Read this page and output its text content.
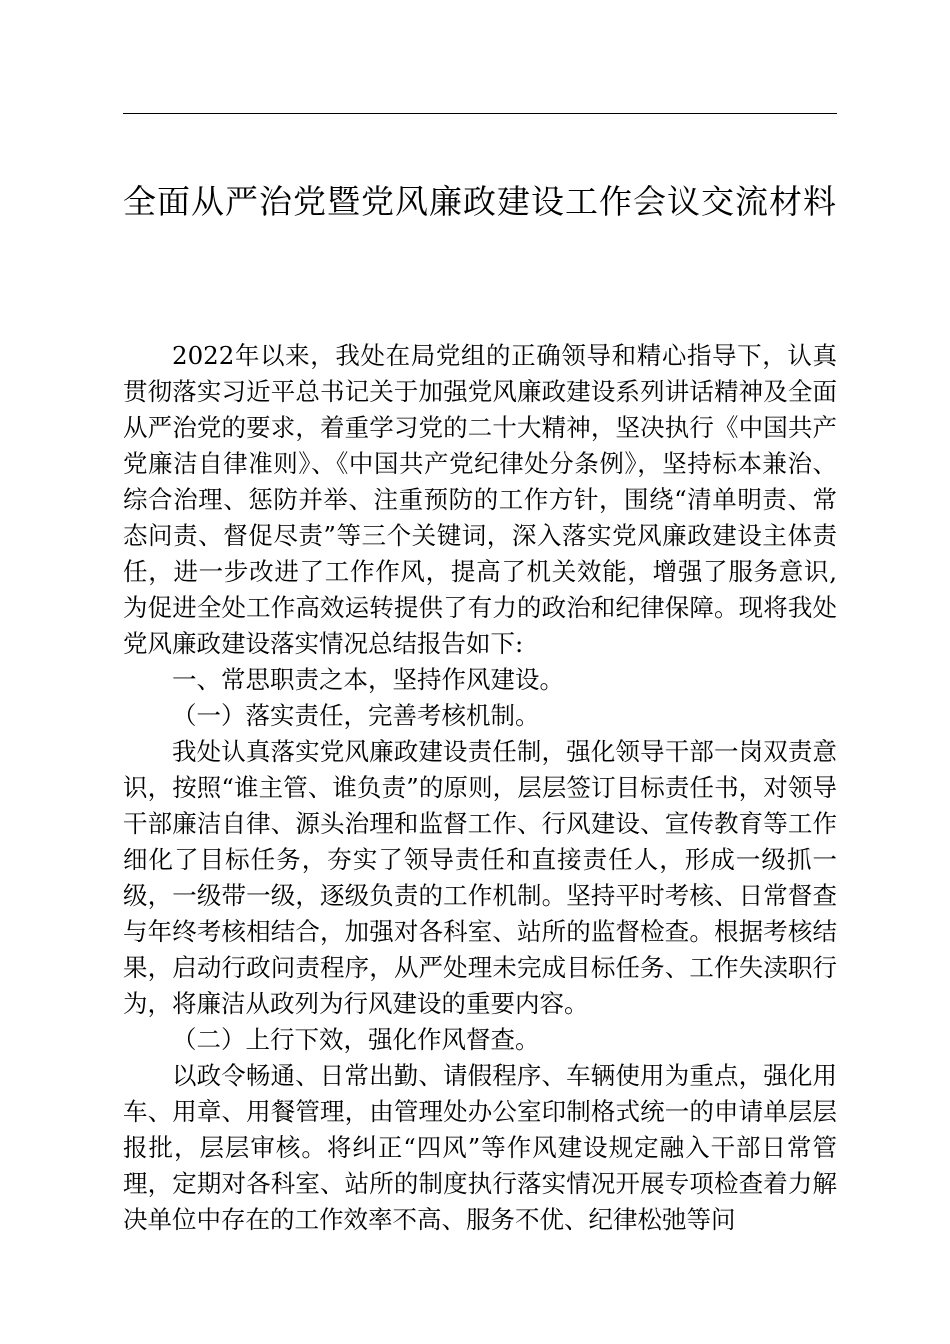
全面从严治党暨党风廉政建设工作会议交流材料

2022年以来，我处在局党组的正确领导和精心指导下，认真贯彻落实习近平总书记关于加强党风廉政建设系列讲话精神及全面从严治党的要求，着重学习党的二十大精神，坚决执行《中国共产党廉洁自律准则》、《中国共产党纪律处分条例》，坚持标本兼治、综合治理、惩防并举、注重预防的工作方针，围绕“清单明责、常态问责、督促尽责”等三个关键词，深入落实党风廉政建设主体责任，进一步改进了工作作风，提高了机关效能，增强了服务意识,为促进全处工作高效运转提供了有力的政治和纪律保障。现将我处党风廉政建设落实情况总结报告如下:

一、常思职责之本，坚持作风建设。

（一）落实责任，完善考核机制。

我处认真落实党风廉政建设责任制，强化领导干部一岗双责意识，按照“谁主管、谁负责”的原则，层层签订目标责任书，对领导干部廉洁自律、源头治理和监督工作、行风建设、宣传教育等工作细化了目标任务，夯实了领导责任和直接责任人，形成一级抓一级，一级带一级，逐级负责的工作机制。坚持平时考核、日常督查与年终考核相结合，加强对各科室、站所的监督检查。根据考核结果，启动行政问责程序，从严处理未完成目标任务、工作失渎职行为，将廉洁从政列为行风建设的重要内容。

（二）上行下效，强化作风督查。

以政令畅通、日常出勤、请假程序、车辆使用为重点，强化用车、用章、用餐管理，由管理处办公室印制格式统一的申请单层层报批，层层审核。将纠正“四风”等作风建设规定融入干部日常管理，定期对各科室、站所的制度执行落实情况开展专项检查着力解决单位中存在的工作效率不高、服务不优、纪律松弛等问
